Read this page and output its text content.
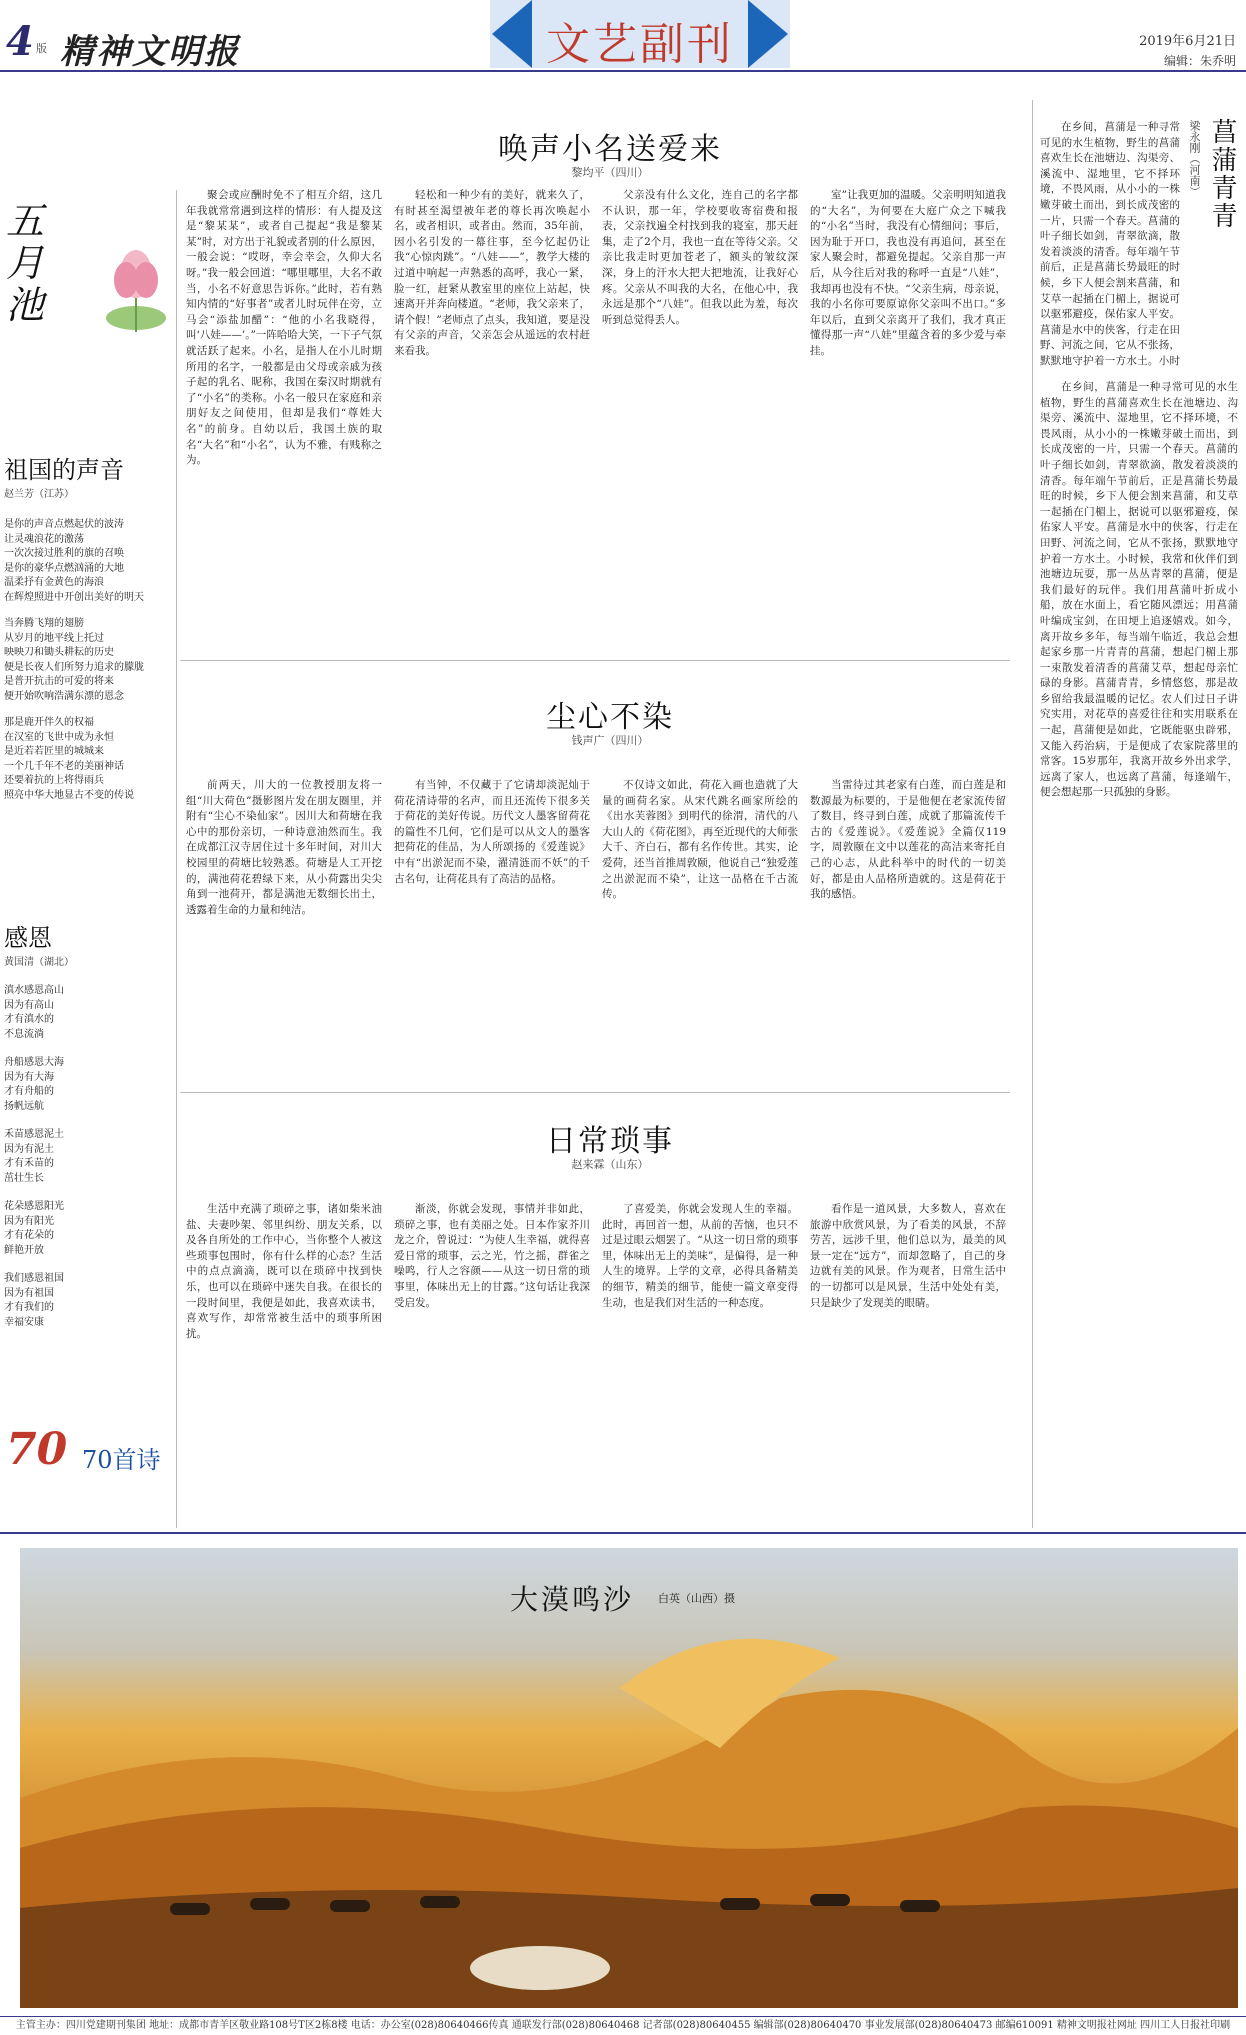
4 版 精神文明报	文艺副刊	2019年6月21日
编辑：朱乔明
五月池
祖国的声音
赵兰芳（江苏）
是你的声音点燃起伏的波涛
让灵魂浪花的激荡
一次次接过胜利的旗的召唤
是你的豪华点燃汹涌的大地
温柔抒有金黄色的海浪
在辉煌照进中开创出美好的明天
当奔腾飞翔的翅膀
从岁月的地平线上托过
映映刀和锄头耕耘的历史
便是长夜人们所努力追求的朦胧
是普开抗击的可爱的将来
便开始吹响浩满东漂的恩念
那是鹿开伴久的权福
在汉室的飞世中成为永恒
是近若若匠里的城城来
一个几千年不老的美丽神话
还要着抗的上将得雨兵
照亮中华大地显古不变的传说
感恩
黄国清（湖北）
滇水感恩高山
因为有高山
才有滇水的
不息流淌
舟船感恩大海
因为有大海
才有舟船的
扬帆远航
禾苗感恩泥土
因为有泥土
才有禾苗的
茁壮生长
花朵感恩阳光
因为有阳光
才有花朵的
鲜艳开放
我们感恩祖国
因为有祖国
才有我们的
幸福安康
70 70首诗
唤声小名送爱来
黎均平（四川）

聚会或应酬时免不了相互介绍，这几年我就常常遇到这样的情形：有人提及这是“黎某某”，或者自己提起“我是黎某某”时，对方出于礼貌或者别的什么原因，一般会说：“哎呀，幸会幸会，久仰大名呀。”我一般会回道：“哪里哪里，大名不敢当，小名不好意思告诉你。”此时，若有熟知内情的“好事者”或者儿时玩伴在旁，立马会“添盐加醋”：“他的小名我晓得，叫‘八娃——’。”一阵哈哈大笑，一下子气氛就活跃了起来。小名，是指人在小儿时期所用的名字，一般都是由父母或亲戚为孩子起的乳名、昵称，我国在秦汉时期就有了“小名”的类称。小名一般只在家庭和亲朋好友之间使用，但却是我们“尊姓大名”的前身。自幼以后，我国土族的取名“大名”和“小名”，认为不雅，有贱称之为。

轻松和一种少有的美好，就来久了，有时甚至渴望被年老的尊长再次唤起小名，或者相识，或者由。然而，35年前，因小名引发的一幕往事，至今忆起仍让我“心惊肉跳”。“八娃——”，教学大楼的过道中响起一声熟悉的高呼，我心一紧，脸一红，赶紧从教室里的座位上站起，快速离开并奔向楼道。“老师，我父亲来了，请个假！”老师点了点头，我知道，要是没有父亲的声音，父亲怎会从遥远的农村赶来看我。

父亲没有什么文化，连自己的名字都不认识，那一年，学校要收寄宿费和报表，父亲找遍全村找到我的寝室，那天赶集，走了2个月，我也一直在等待父亲。父亲比我走时更加苍老了，额头的皱纹深深，身上的汗水大把大把地流，让我好心疼。父亲从不叫我的大名，在他心中，我永远是那个“八娃”。但我以此为羞，每次听到总觉得丢人。

室”让我更加的温暖。父亲明明知道我的“大名”，为何要在大庭广众之下喊我的“小名”当时，我没有心情细问；事后，因为耻于开口，我也没有再追问，甚至在家人聚会时，都避免提起。父亲自那一声后，从今往后对我的称呼一直是“八娃”，我却再也没有不快。“父亲生病，母亲说，我的小名你可要原谅你父亲叫不出口。”多年以后，直到父亲离开了我们，我才真正懂得那一声“八娃”里蕴含着的多少爱与牵挂。

尘心不染
钱声广（四川）

前两天，川大的一位教授朋友将一组“川大荷色”摄影图片发在朋友圈里，并附有“尘心不染仙家”。因川大和荷塘在我心中的那份亲切，一种诗意油然而生。我在成都江汉寺居住过十多年时间，对川大校园里的荷塘比较熟悉。荷塘是人工开挖的，满池荷花碧绿下来，从小荷露出尖尖角到一池荷开，都是满池无数细长出土，透露着生命的力量和纯洁。

有当钟，不仅藏于了它请却淡泥灿于荷花清诗带的名声，而且还流传下很多关于荷花的美好传说。历代文人墨客留荷花的篇性不几何，它们是可以从文人的墨客把荷花的佳品，为人所颂扬的《爱莲说》中有“出淤泥而不染，濯清涟而不妖”的千古名句，让荷花具有了高洁的品格。

不仅诗文如此，荷花入画也造就了大量的画荷名家。从宋代跳名画家所绘的《出水芙蓉图》到明代的徐渭，清代的八大山人的《荷花图》，再至近现代的大师张大千、齐白石，都有名作传世。其实，论爱荷，还当首推周敦颐，他说自己“独爱莲之出淤泥而不染”，让这一品格在千古流传。

当雷待过其老家有白莲，而白莲是和数源最为标要的，于是他便在老家流传留了数目，终寻到白莲，成就了那篇流传千古的《爱莲说》。《爱莲说》全篇仅119字，周敦颐在文中以莲花的高洁来寄托自己的心志，从此科举中的时代的一切美好，都是由人品格所造就的。这是荷花于我的感悟。

日常琐事
赵来霖（山东）

生活中充满了琐碎之事，诸如柴米油盐、夫妻吵架、邻里纠纷、朋友关系，以及各自所处的工作中心，当你整个人被这些琐事包围时，你有什么样的心态？生活中的点点滴滴，既可以在琐碎中找到快乐，也可以在琐碎中迷失自我。在很长的一段时间里，我便是如此，我喜欢读书，喜欢写作，却常常被生活中的琐事所困扰。

渐淡，你就会发现，事情并非如此，琐碎之事，也有美丽之处。日本作家芥川龙之介，曾说过：“为使人生幸福，就得喜爱日常的琐事，云之光，竹之摇，群雀之噪鸣，行人之容颜——从这一切日常的琐事里，体味出无上的甘露。”这句话让我深受启发。

了喜爱美，你就会发现人生的幸福。此时，再回首一想，从前的苦恼，也只不过是过眼云烟罢了。“从这一切日常的琐事里，体味出无上的美味”，是偏得，是一种人生的境界。上学的文章，必得具备精美的细节，精美的细节，能使一篇文章变得生动，也是我们对生活的一种态度。

看作是一道风景，大多数人，喜欢在旅游中欣赏风景，为了看美的风景，不辞劳苦，远涉千里，他们总以为，最美的风景一定在“远方”，而却忽略了，自己的身边就有美的风景。作为观者，日常生活中的一切都可以是风景，生活中处处有美，只是缺少了发现美的眼睛。

菖蒲青青
梁永刚（河南）

在乡间，菖蒲是一种寻常可见的水生植物，野生的菖蒲喜欢生长在池塘边、沟渠旁、溪流中、湿地里，它不择环境，不畏风雨，从小小的一株嫩芽破土而出，到长成茂密的一片，只需一个春天。菖蒲的叶子细长如剑，青翠欲滴，散发着淡淡的清香。每年端午节前后，正是菖蒲长势最旺的时候，乡下人便会割来菖蒲，和艾草一起插在门楣上，据说可以驱邪避疫，保佑家人平安。菖蒲是水中的侠客，行走在田野、河流之间，它从不张扬，默默地守护着一方水土。小时

在乡间，菖蒲是一种寻常可见的水生植物，野生的菖蒲喜欢生长在池塘边、沟渠旁、溪流中、湿地里，它不择环境，不畏风雨，从小小的一株嫩芽破土而出，到长成茂密的一片，只需一个春天。菖蒲的叶子细长如剑，青翠欲滴，散发着淡淡的清香。每年端午节前后，正是菖蒲长势最旺的时候，乡下人便会割来菖蒲，和艾草一起插在门楣上，据说可以驱邪避疫，保佑家人平安。菖蒲是水中的侠客，行走在田野、河流之间，它从不张扬，默默地守护着一方水土。小时候，我常和伙伴们到池塘边玩耍，那一丛丛青翠的菖蒲，便是我们最好的玩伴。我们用菖蒲叶折成小船，放在水面上，看它随风漂远；用菖蒲叶编成宝剑，在田埂上追逐嬉戏。如今，离开故乡多年，每当端午临近，我总会想起家乡那一片青青的菖蒲，想起门楣上那一束散发着清香的菖蒲艾草，想起母亲忙碌的身影。菖蒲青青，乡情悠悠，那是故乡留给我最温暖的记忆。农人们过日子讲究实用，对花草的喜爱往往和实用联系在一起，菖蒲便是如此，它既能驱虫辟邪，又能入药治病，于是便成了农家院落里的常客。15岁那年，我离开故乡外出求学，远离了家人，也远离了菖蒲，每逢端午，便会想起那一只孤独的身影。

大漠鸣沙 白英（山西）摄
主管主办：四川党建期刊集团 地址：成都市青羊区敬业路108号T区2栋8楼 电话：办公室(028)80640466传真 通联发行部(028)80640468 记者部(028)80640455 编辑部(028)80640470 事业发展部(028)80640473 邮编610091 精神文明报社网址 四川工人日报社印刷
